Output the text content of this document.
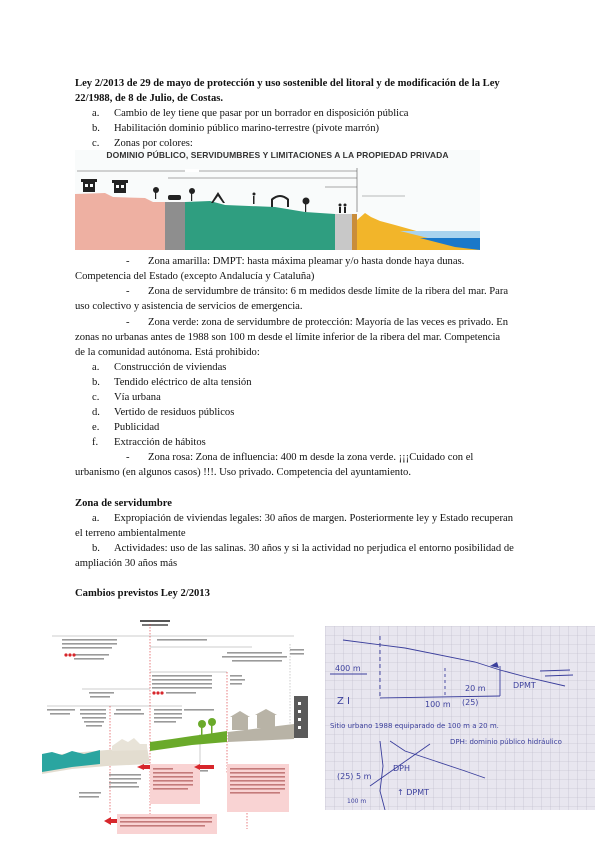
Ley 2/2013 de 29 de mayo de protección y uso sostenible del litoral y de modificación de la Ley
22/1988, de 8 de Julio, de Costas.
a. Cambio de ley tiene que pasar por un borrador en disposición pública
b. Habilitación dominio público marino-terrestre (pivote marrón)
c. Zonas por colores:
DOMINIO PÚBLICO, SERVIDUMBRES Y LIMITACIONES A LA PROPIEDAD PRIVADA
- Zona amarilla: DMPT: hasta máxima pleamar y/o hasta donde haya dunas.
Competencia del Estado (excepto Andalucía y Cataluña)
- Zona de servidumbre de tránsito: 6 m medidos desde límite de la ribera del mar. Para
uso colectivo y asistencia de servicios de emergencia.
- Zona verde: zona de servidumbre de protección: Mayoría de las veces es privado. En
zonas no urbanas antes de 1988 son 100 m desde el límite inferior de la ribera del mar. Competencia
de la comunidad autónoma. Está prohibido:
a. Construcción de viviendas
b. Tendido eléctrico de alta tensión
c. Vía urbana
d. Vertido de residuos públicos
e. Publicidad
f. Extracción de hábitos
- Zona rosa: Zona de influencia: 400 m desde la zona verde. ¡¡¡Cuidado con el
urbanismo (en algunos casos) !!!. Uso privado. Competencia del ayuntamiento.
Zona de servidumbre
a. Expropiación de viviendas legales: 30 años de margen. Posteriormente ley y Estado recuperan
el terreno ambientalmente
b. Actividades: uso de las salinas. 30 años y si la actividad no perjudica el entorno posibilidad de
ampliación 30 años más
Cambios previstos Ley 2/2013
400 m
20 m	DPMT
Z I	100 m (25)
Sitio urbano 1988 equiparado de 100 m a 20 m.
DPH: dominio público hidráulico
DPH
(25) 5 m
↑ DPMT
100 m
